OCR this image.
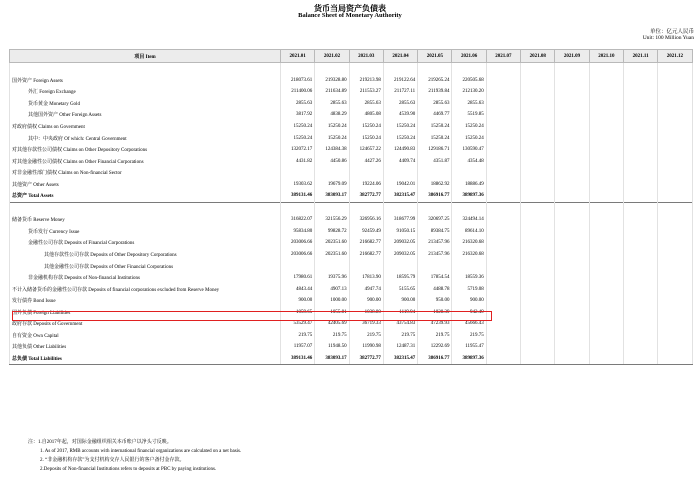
货币当局资产负债表
Balance Sheet of Monetary Authority
单位：亿元人民币
Unit: 100 Million Yuan
项目 Item	2021.01	2021.02	2021.03	2021.04	2021.05	2021.06	2021.07	2021.08	2021.09	2021.10	2021.11	2021.12

国外资产 Foreign Assets	218073.61	219328.80	219213.98	219122.64	219265.24	220505.68						
外汇 Foreign Exchange	211400.06	211634.89	211553.27	211727.11	211939.84	212130.20						
货币黄金 Monetary Gold	2855.63	2855.63	2855.63	2855.63	2855.63	2855.63						
其他国外资产 Other Foreign Assets	3817.92	4838.29	4805.08	4539.90	4469.77	5519.85						
对政府债权 Claims on Government	15250.24	15250.24	15250.24	15250.24	15250.24	15250.24						
其中：中央政府 Of which: Central Government	15250.24	15250.24	15250.24	15250.24	15250.24	15250.24						
对其他存款性公司债权 Claims on Other Depository Corporations	132072.17	124384.38	124657.22	124490.83	129186.71	130590.47						
对其他金融性公司债权 Claims on Other Financial Corporations	4431.82	4450.86	4427.26	4409.74	4351.87	4354.48						
对非金融性部门债权 Claims on Non-financial Sector												
其他资产 Other Assets	19303.62	19679.09	19224.06	19042.01	18862.92	18886.49						
总资产 Total Assets	389131.46	383093.17	382772.77	382315.47	386916.77	389897.36						

储备货币 Reserve Money	316822.07	321556.29	326956.16	318677.99	320697.25	324494.14						
货币发行 Currency Issue	95834.80	99828.72	92459.49	91050.15	89384.75	89614.10						
金融性公司存款 Deposits of Financial Corporations	203006.66	202351.60	216682.77	209032.05	213457.96	216320.68						
其他存款性公司存款 Deposits of Other Depository Corporations	203006.66	202351.60	216682.77	209032.05	213457.96	216320.68						
其他金融性公司存款 Deposits of Other Financial Corporations												
非金融机构存款 Deposits of Non-financial Institutions	17980.61	19375.96	17813.90	18595.79	17854.54	18559.36						
不计入储备货币的金融性公司存款 Deposits of financial corporations excluded from Reserve Money	4843.44	4907.13	4947.74	5155.65	4488.78	5719.08						
发行债券 Bond Issue	900.00	1000.00	900.00	900.00	950.00	900.00						
国外负债 Foreign Liabilities	1059.65	1055.81	1038.80	1119.94	1028.39	942.49						
政府存款 Deposits of Government	53529.47	42405.69	36719.33	43754.83	47239.93	45666.43						
自有资金 Own Capital	219.75	219.75	219.75	219.75	219.75	219.75						
其他负债 Other Liabilities	11957.07	11948.50	11990.98	12487.31	12292.69	11955.47						
总负债 Total Liabilities	389131.46	383093.17	382772.77	382315.47	386916.77	389897.36						
注：1.自2017年起，对国际金融组织相关本币账户以净头寸反映。
1. As of 2017, RMB accounts with international financial organizations are calculated on a net basis.
2. “非金融机构存款”为支付机构交存人民银行的客户备付金存款。
2.Deposits of Non-financial Institutions refers to deposits at PBC by paying institutions.
